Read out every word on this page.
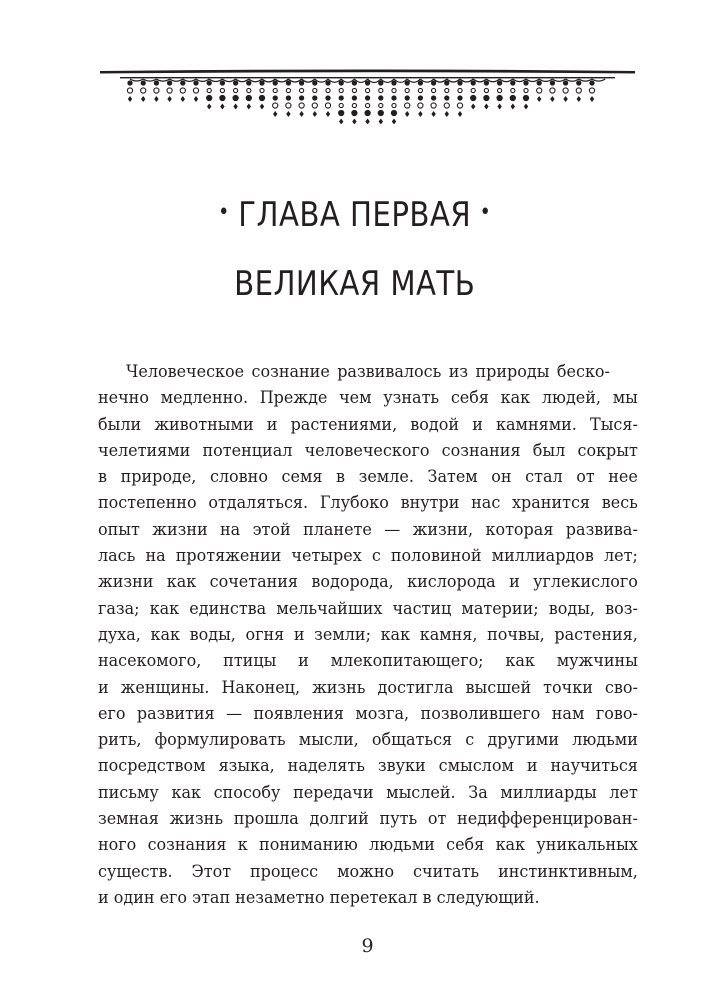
• ГЛАВА ПЕРВАЯ •
ВЕЛИКАЯ МАТЬ
Человеческое сознание развивалось из природы беско-
нечно медленно. Прежде чем узнать себя как людей, мы
были животными и растениями, водой и камнями. Тыся-
челетиями потенциал человеческого сознания был сокрыт
в природе, словно семя в земле. Затем он стал от нее
постепенно отдаляться. Глубоко внутри нас хранится весь
опыт жизни на этой планете — жизни, которая развива-
лась на протяжении четырех с половиной миллиардов лет;
жизни как сочетания водорода, кислорода и углекислого
газа; как единства мельчайших частиц материи; воды, воз-
духа, как воды, огня и земли; как камня, почвы, растения,
насекомого, птицы и млекопитающего; как мужчины
и женщины. Наконец, жизнь достигла высшей точки сво-
его развития — появления мозга, позволившего нам гово-
рить, формулировать мысли, общаться с другими людьми
посредством языка, наделять звуки смыслом и научиться
письму как способу передачи мыслей. За миллиарды лет
земная жизнь прошла долгий путь от недифференцирован-
ного сознания к пониманию людьми себя как уникальных
существ. Этот процесс можно считать инстинктивным,
и один его этап незаметно перетекал в следующий.
9
